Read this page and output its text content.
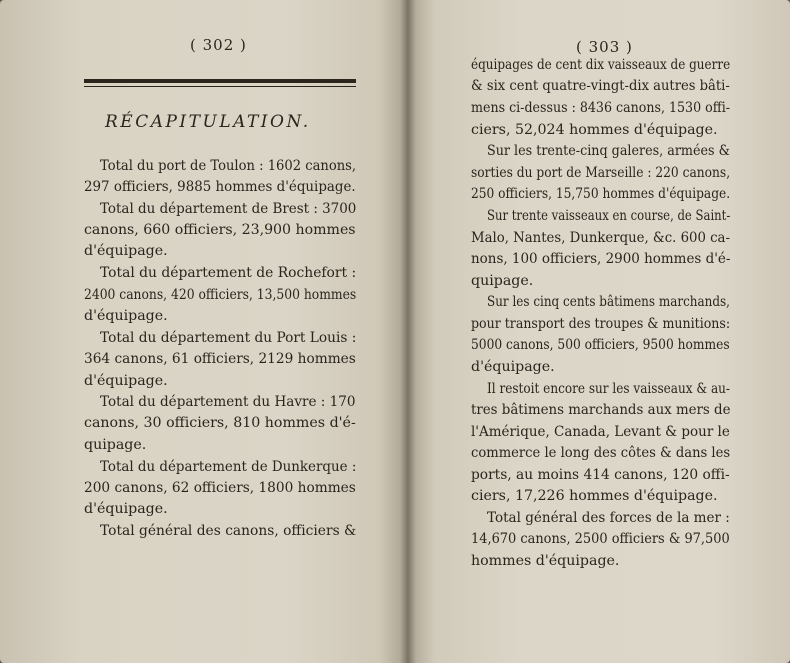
( 302 )
RÉCAPITULATION.
Total du port de Toulon : 1602 canons,
297 officiers, 9885 hommes d'équipage.
Total du département de Brest : 3700
canons, 660 officiers, 23,900 hommes
d'équipage.
Total du département de Rochefort :
2400 canons, 420 officiers, 13,500 hommes
d'équipage.
Total du département du Port Louis :
364 canons, 61 officiers, 2129 hommes
d'équipage.
Total du département du Havre : 170
canons, 30 officiers, 810 hommes d'é-
quipage.
Total du département de Dunkerque :
200 canons, 62 officiers, 1800 hommes
d'équipage.
Total général des canons, officiers &
( 303 )
équipages de cent dix vaisseaux de guerre
& six cent quatre-vingt-dix autres bâti-
mens ci-dessus : 8436 canons, 1530 offi-
ciers, 52,024 hommes d'équipage.
Sur les trente-cinq galeres, armées &
sorties du port de Marseille : 220 canons,
250 officiers, 15,750 hommes d'équipage.
Sur trente vaisseaux en course, de Saint-
Malo, Nantes, Dunkerque, &c. 600 ca-
nons, 100 officiers, 2900 hommes d'é-
quipage.
Sur les cinq cents bâtimens marchands,
pour transport des troupes & munitions:
5000 canons, 500 officiers, 9500 hommes
d'équipage.
Il restoit encore sur les vaisseaux & au-
tres bâtimens marchands aux mers de
l'Amérique, Canada, Levant & pour le
commerce le long des côtes & dans les
ports, au moins 414 canons, 120 offi-
ciers, 17,226 hommes d'équipage.
Total général des forces de la mer :
14,670 canons, 2500 officiers & 97,500
hommes d'équipage.
